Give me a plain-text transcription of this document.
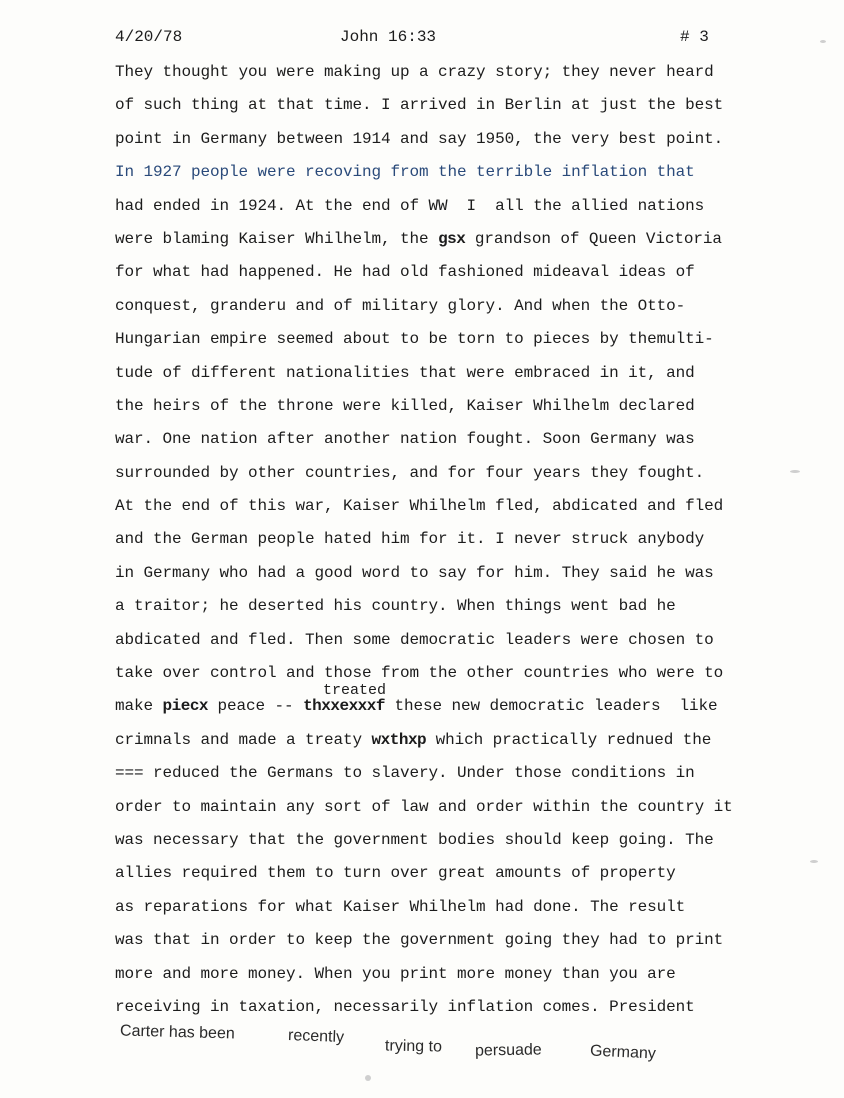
4/20/78	John 16:33	# 3
treated
They thought you were making up a crazy story; they never heard
of such thing at that time. I arrived in Berlin at just the best
point in Germany between 1914 and say 1950, the very best point.
In 1927 people were recoving from the terrible inflation that
had ended in 1924. At the end of WW  I  all the allied nations
were blaming Kaiser Whilhelm, the gsx grandson of Queen Victoria
for what had happened. He had old fashioned mideaval ideas of
conquest, granderu and of military glory. And when the Otto-
Hungarian empire seemed about to be torn to pieces by themulti-
tude of different nationalities that were embraced in it, and
the heirs of the throne were killed, Kaiser Whilhelm declared
war. One nation after another nation fought. Soon Germany was
surrounded by other countries, and for four years they fought.
At the end of this war, Kaiser Whilhelm fled, abdicated and fled
and the German people hated him for it. I never struck anybody
in Germany who had a good word to say for him. They said he was
a traitor; he deserted his country. When things went bad he
abdicated and fled. Then some democratic leaders were chosen to
take over control and those from the other countries who were to
make piecx peace -- thxxexxxf these new democratic leaders  like
crimnals and made a treaty wxthxp which practically rednued the
=== reduced the Germans to slavery. Under those conditions in
order to maintain any sort of law and order within the country it
was necessary that the government bodies should keep going. The
allies required them to turn over great amounts of property
as reparations for what Kaiser Whilhelm had done. The result
was that in order to keep the government going they had to print
more and more money. When you print more money than you are
receiving in taxation, necessarily inflation comes. President
Carter has been	recently
trying to persuade	Germany
